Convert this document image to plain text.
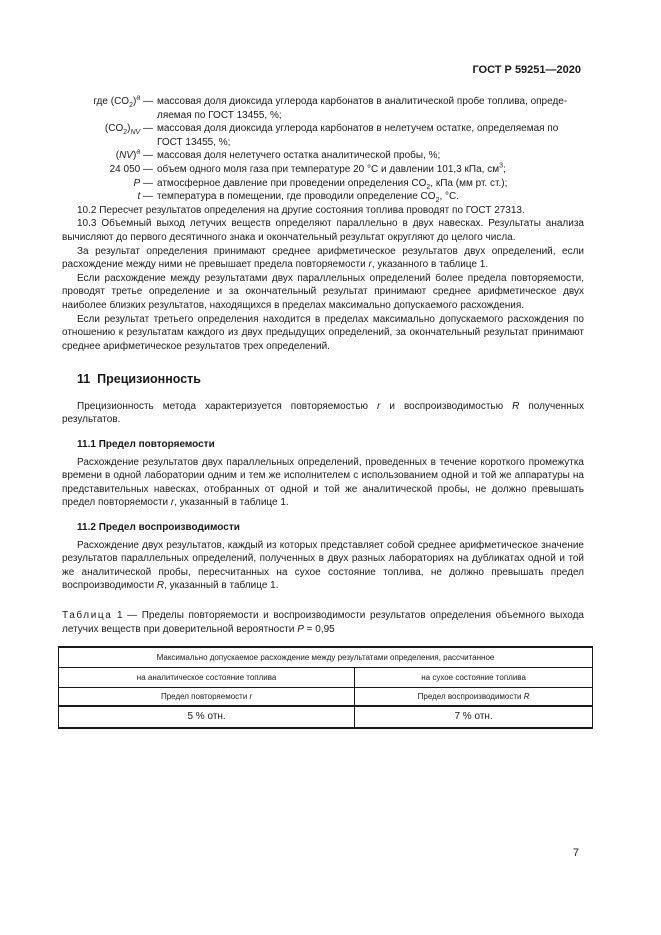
ГОСТ Р 59251—2020
где $(CO_2)^a$ — массовая доля диоксида углерода карбонатов в аналитической пробе топлива, опреде-
ляемая по ГОСТ 13455, %;
$(CO_2)_{NV}$ — массовая доля диоксида углерода карбонатов в нелетучем остатке, определяемая по
ГОСТ 13455, %;
(NV)$^a$ — массовая доля нелетучего остатка аналитической пробы, %;
24 050 — объем одного моля газа при температуре 20 °С и давлении 101,3 кПа, $см^3$;
P — атмосферное давление при проведении определения $CO_2$, кПа (мм рт. ст.);
t — температура в помещении, где проводили определение $CO_2$, °С.

10.2 Пересчет результатов определения на другие состояния топлива проводят по ГОСТ 27313.

10.3 Объемный выход летучих веществ определяют параллельно в двух навесках. Результаты анализа вычисляют до первого десятичного знака и окончательный результат округляют до целого числа.

За результат определения принимают среднее арифметическое результатов двух определений, если расхождение между ними не превышает предела повторяемости r, указанного в таблице 1.

Если расхождение между результатами двух параллельных определений более предела повторяемости, проводят третье определение и за окончательный результат принимают среднее арифметическое двух наиболее близких результатов, находящихся в пределах максимально допускаемого расхождения.

Если результат третьего определения находится в пределах максимально допускаемого расхождения по отношению к результатам каждого из двух предыдущих определений, за окончательный результат принимают среднее арифметическое результатов трех определений.

11 Прецизионность

Прецизионность метода характеризуется повторяемостью r и воспроизводимостью R полученных результатов.

11.1 Предел повторяемости

Расхождение результатов двух параллельных определений, проведенных в течение короткого промежутка времени в одной лаборатории одним и тем же исполнителем с использованием одной и той же аппаратуры на представительных навесках, отобранных от одной и той же аналитической пробы, не должно превышать предел повторяемости r, указанный в таблице 1.

11.2 Предел воспроизводимости

Расхождение двух результатов, каждый из которых представляет собой среднее арифметическое значение результатов параллельных определений, полученных в двух разных лабораториях на дубликатах одной и той же аналитической пробы, пересчитанных на сухое состояние топлива, не должно превышать предел воспроизводимости R, указанный в таблице 1.

Таблица 1 — Пределы повторяемости и воспроизводимости результатов определения объемного выхода летучих веществ при доверительной вероятности P = 0,95
Максимально допускаемое расхождение между результатами определения, рассчитанное	
на аналитическое состояние топлива	на сухое состояние топлива
Предел повторяемости r	Предел воспроизводимости R
5 % отн.	7 % отн.
7
